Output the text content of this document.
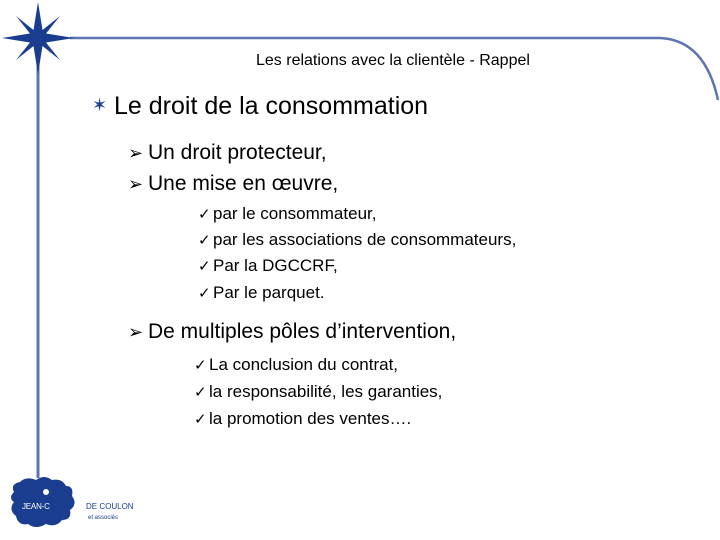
Les relations avec la clientèle - Rappel
✶ Le droit de la consommation
➢ Un droit protecteur,
➢ Une mise en œuvre,
✓ par le consommateur,
✓ par les associations de consommateurs,
✓ Par la DGCCRF,
✓ Par le parquet.
➢ De multiples pôles d’intervention,
✓ La conclusion du contrat,
✓ la responsabilité, les garanties,
✓ la promotion des ventes….
JEAN-C	DE COULON
et associés
